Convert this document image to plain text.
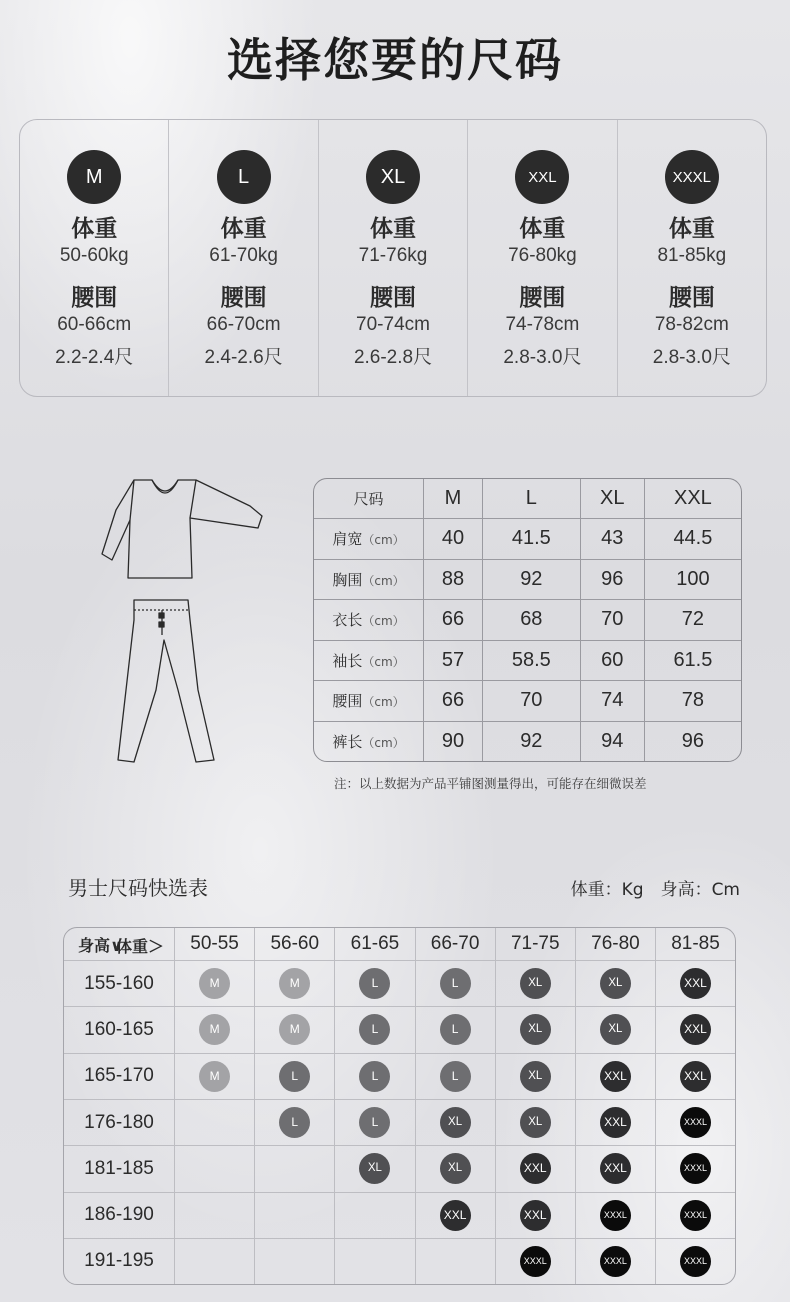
选择您要的尺码
M
体重
50-60kg
腰围
60-66cm
2.2-2.4尺
L
体重
61-70kg
腰围
66-70cm
2.4-2.6尺
XL
体重
71-76kg
腰围
70-74cm
2.6-2.8尺
XXL
体重
76-80kg
腰围
74-78cm
2.8-3.0尺
XXXL
体重
81-85kg
腰围
78-82cm
2.8-3.0尺
尺码	M	L	XL	XXL
肩宽（cm）	40	41.5	43	44.5
胸围（cm）	88	92	96	100
衣长（cm）	66	68	70	72
袖长（cm）	57	58.5	60	61.5
腰围（cm）	66	70	74	78
裤长（cm）	90	92	94	96
注：以上数据为产品平铺图测量得出，可能存在细微误差
男士尺码快选表	体重：Kg　身高：Cm
体重＞
身高∨	50-55	56-60	61-65	66-70	71-75	76-80	81-85
155-160	M	M	L	L	XL	XL	XXL
160-165	M	M	L	L	XL	XL	XXL
165-170	M	L	L	L	XL	XXL	XXL
176-180		L	L	XL	XL	XXL	XXXL
181-185			XL	XL	XXL	XXL	XXXL
186-190				XXL	XXL	XXXL	XXXL
191-195					XXXL	XXXL	XXXL
